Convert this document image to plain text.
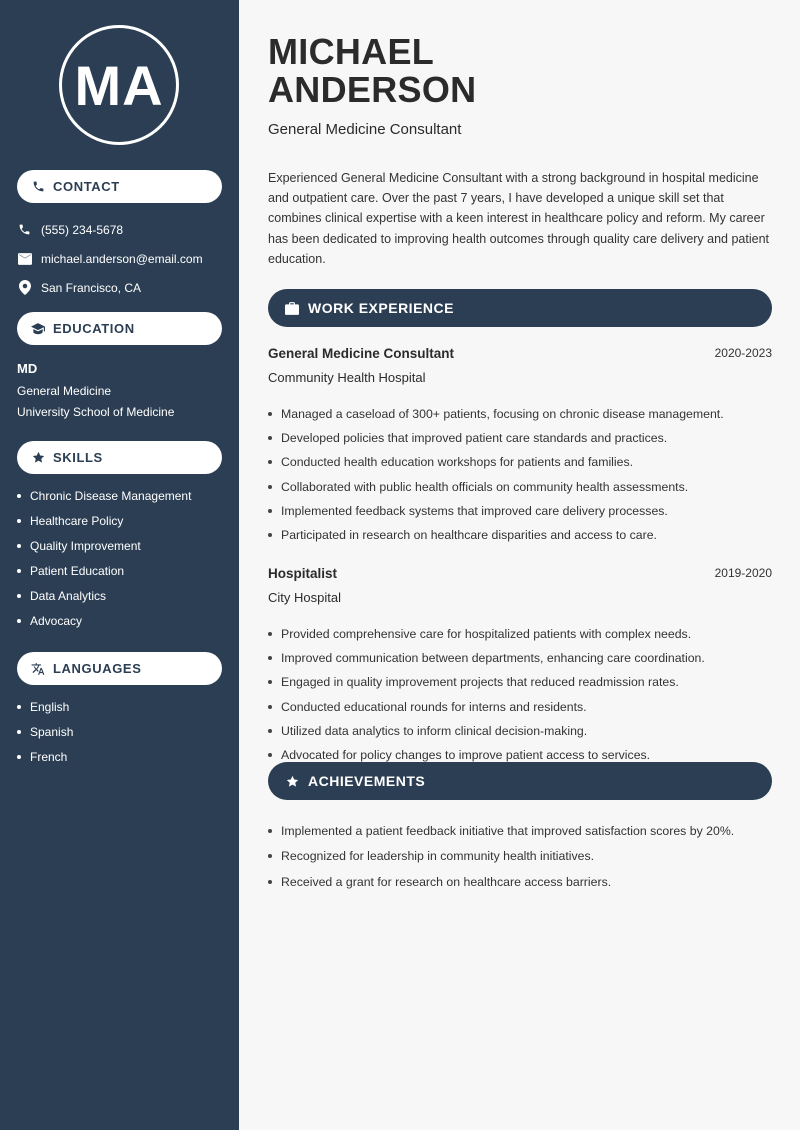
MA
CONTACT
(555) 234-5678
michael.anderson@email.com
San Francisco, CA
EDUCATION
MD
General Medicine
University School of Medicine
SKILLS
Chronic Disease Management
Healthcare Policy
Quality Improvement
Patient Education
Data Analytics
Advocacy
LANGUAGES
English
Spanish
French
MICHAEL
ANDERSON
General Medicine Consultant

Experienced General Medicine Consultant with a strong background in hospital medicine and outpatient care. Over the past 7 years, I have developed a unique skill set that combines clinical expertise with a keen interest in healthcare policy and reform. My career has been dedicated to improving health outcomes through quality care delivery and patient education.

WORK EXPERIENCE
General Medicine Consultant	2020-2023
Community Health Hospital
Managed a caseload of 300+ patients, focusing on chronic disease management.
Developed policies that improved patient care standards and practices.
Conducted health education workshops for patients and families.
Collaborated with public health officials on community health assessments.
Implemented feedback systems that improved care delivery processes.
Participated in research on healthcare disparities and access to care.
Hospitalist	2019-2020
City Hospital
Provided comprehensive care for hospitalized patients with complex needs.
Improved communication between departments, enhancing care coordination.
Engaged in quality improvement projects that reduced readmission rates.
Conducted educational rounds for interns and residents.
Utilized data analytics to inform clinical decision-making.
Advocated for policy changes to improve patient access to services.
ACHIEVEMENTS
Implemented a patient feedback initiative that improved satisfaction scores by 20%.
Recognized for leadership in community health initiatives.
Received a grant for research on healthcare access barriers.
